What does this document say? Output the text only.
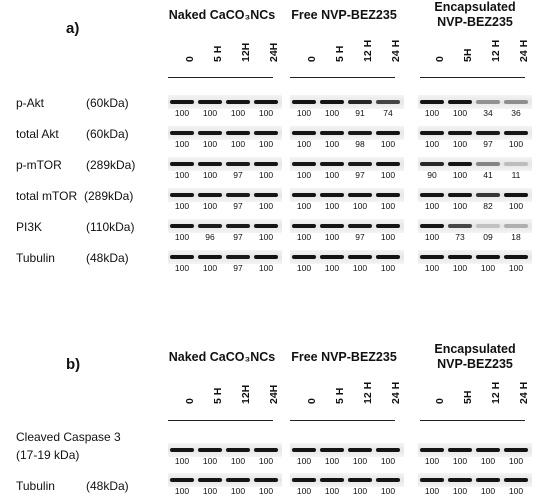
a)
Naked CaCO₃NCs
0 5 H 12H 24H
Free NVP-BEZ235
0 5 H 12 H 24 H
Encapsulated
NVP-BEZ235
0 5H 12 H 24 H
p-Akt	(60kDa)
100	100	100	100	100	100	91	74	100	100	34	36
total Akt (60kDa)
100	100	100	100	100	100	98	100	100	100	97	100
p-mTOR (289kDa)
100	100	97	100	100	100	97	100	90	100	41	11
total mTOR (289kDa)
100	100	97	100	100	100	100	100	100	100	82	100
PI3K	(110kDa)
100	96	97	100	100	100	97	100	100	73	09	18
Tubulin	(48kDa)
100	100	97	100	100	100	100	100	100	100	100	100
b)	Naked CaCO₃NCs
0 5 H 12H 24H
Free NVP-BEZ235
0 5 H 12 H 24 H
Encapsulated
NVP-BEZ235
0 5H 12 H 24 H
Cleaved Caspase 3
(17-19 kDa)	100	100	100	100	100	100	100	100	100	100	100	100
Tubulin	(48kDa)	100	100	100	100	100	100	100	100	100	100	100	100
